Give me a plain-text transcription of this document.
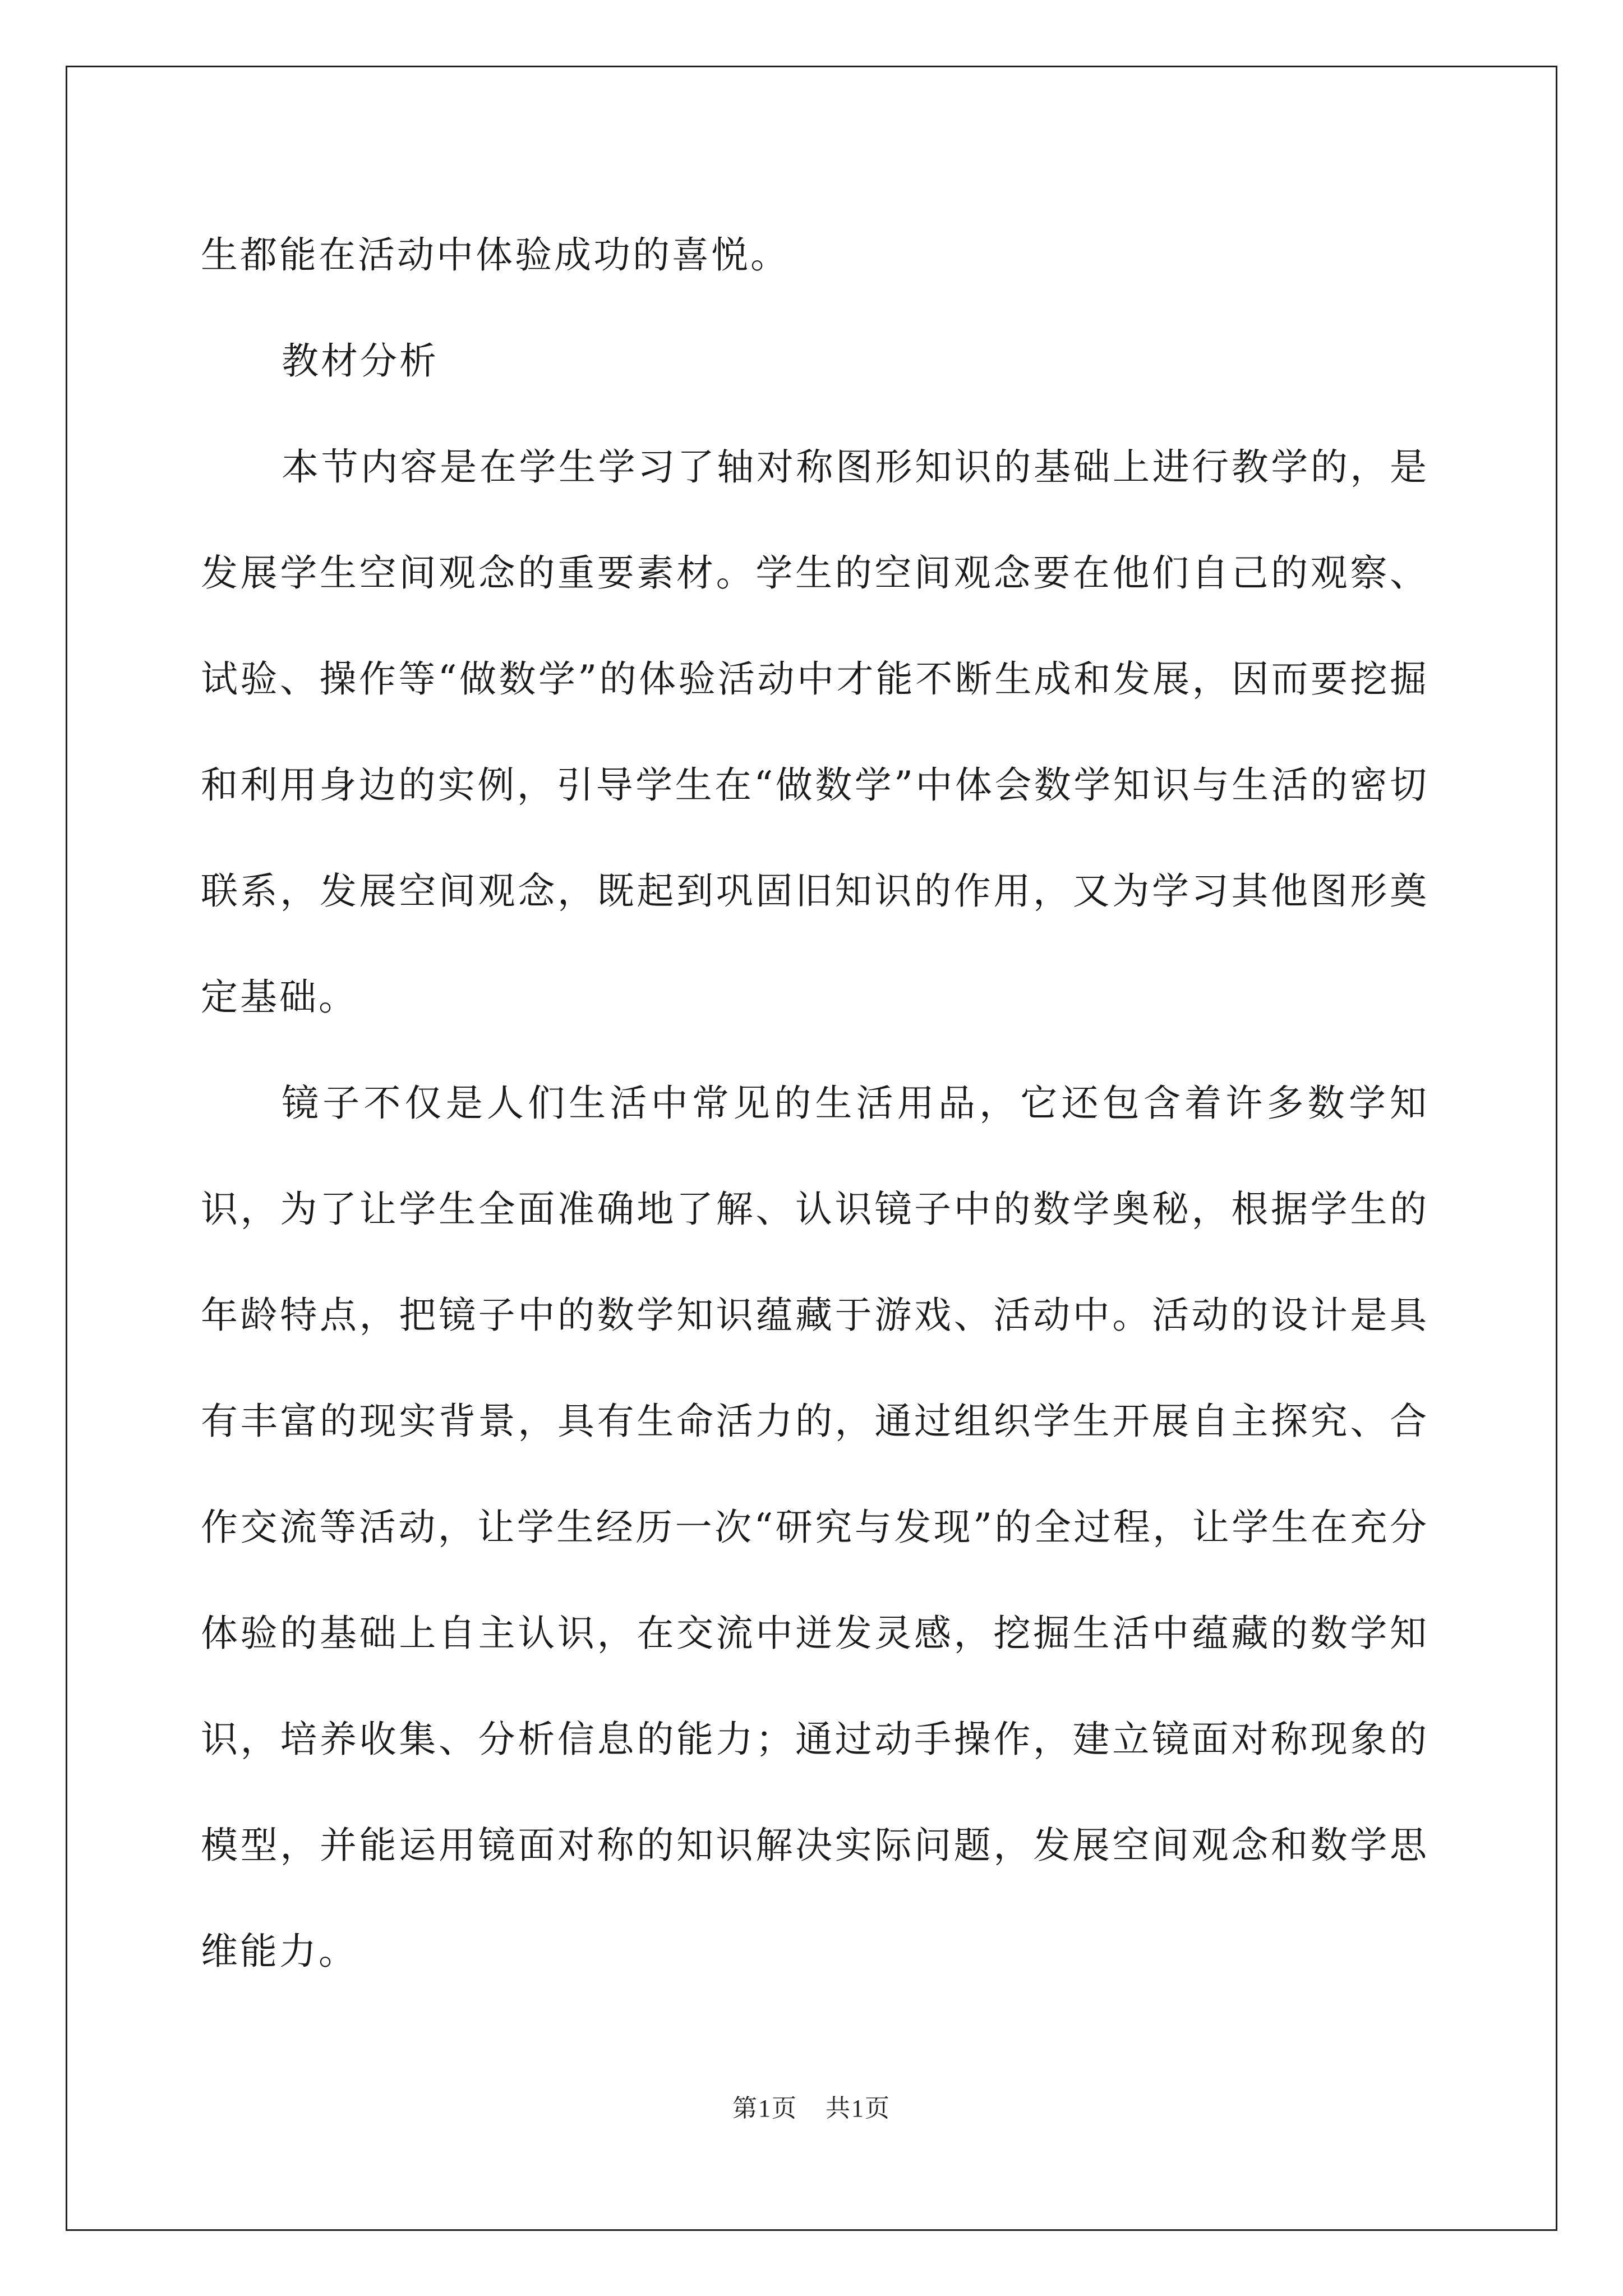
生都能在活动中体验成功的喜悦。

教材分析

本节内容是在学生学习了轴对称图形知识的基础上进行教学的，是发展学生空间观念的重要素材。学生的空间观念要在他们自己的观察、试验、操作等“做数学”的体验活动中才能不断生成和发展，因而要挖掘和利用身边的实例，引导学生在“做数学”中体会数学知识与生活的密切联系，发展空间观念，既起到巩固旧知识的作用，又为学习其他图形奠定基础。

镜子不仅是人们生活中常见的生活用品，它还包含着许多数学知识，为了让学生全面准确地了解、认识镜子中的数学奥秘，根据学生的年龄特点，把镜子中的数学知识蕴藏于游戏、活动中。活动的设计是具有丰富的现实背景，具有生命活力的，通过组织学生开展自主探究、合作交流等活动，让学生经历一次“研究与发现”的全过程，让学生在充分体验的基础上自主认识，在交流中迸发灵感，挖掘生活中蕴藏的数学知识，培养收集、分析信息的能力；通过动手操作，建立镜面对称现象的模型，并能运用镜面对称的知识解决实际问题，发展空间观念和数学思维能力。

第1页 共1页
